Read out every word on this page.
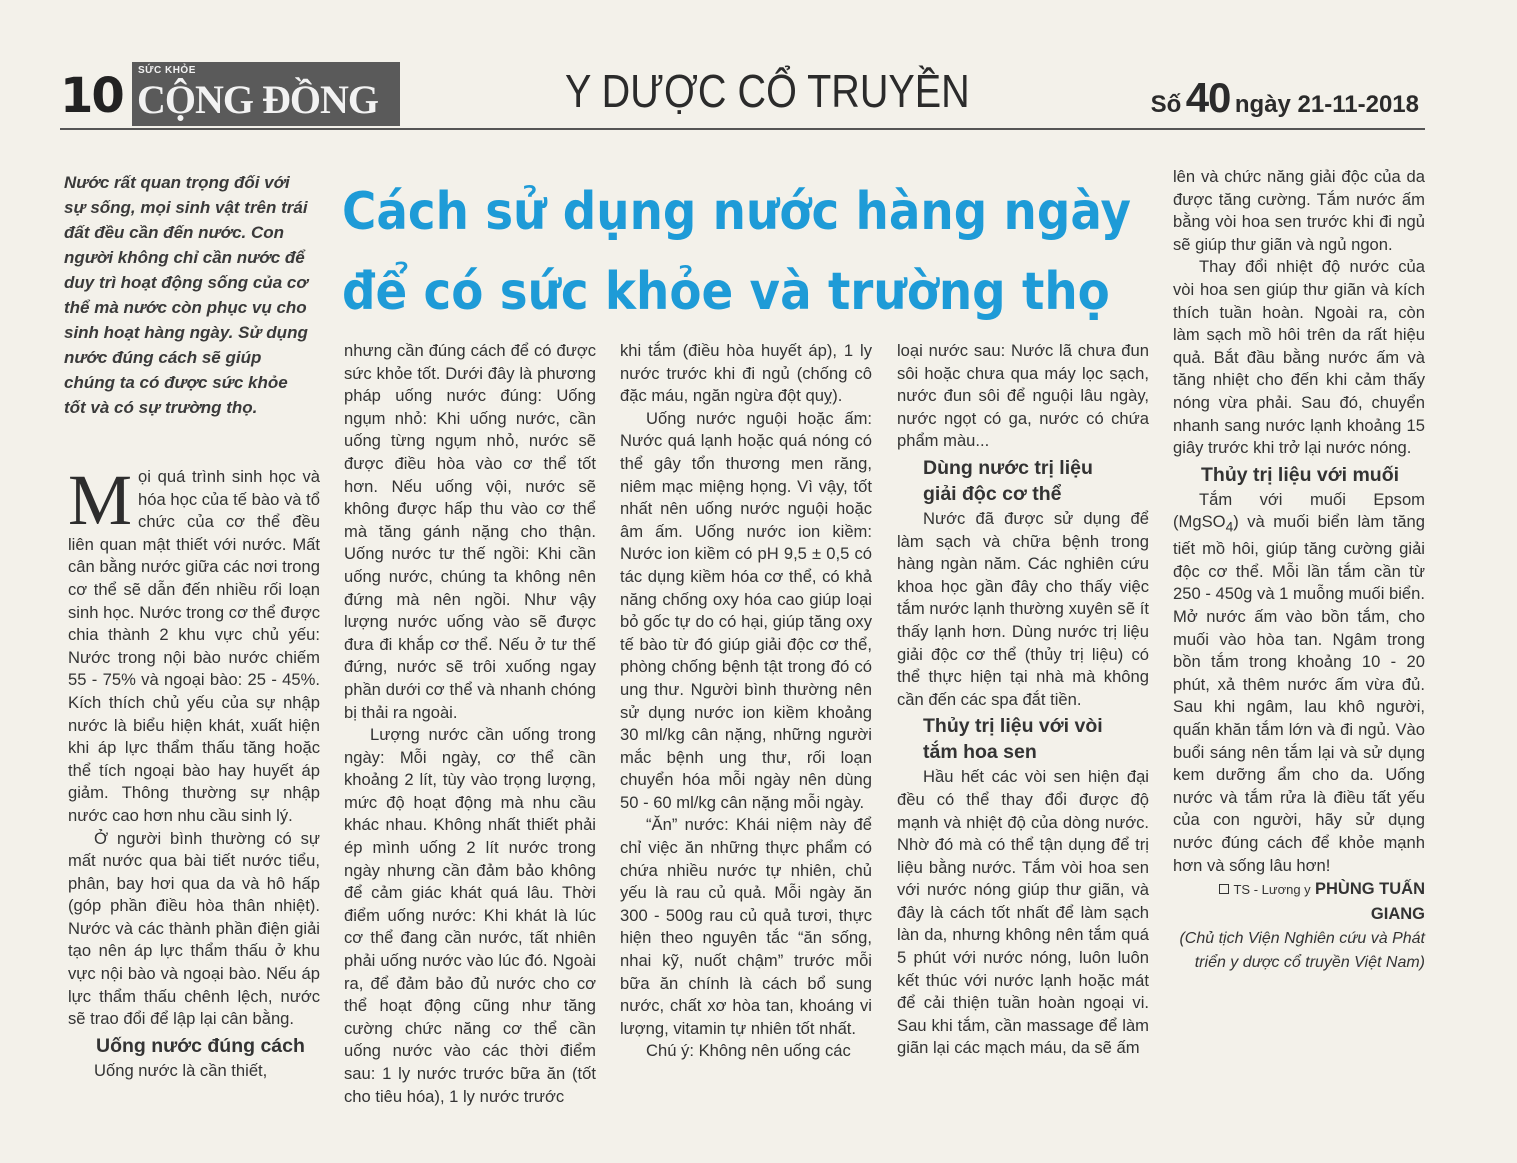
10 SỨC KHỎE
CỘNG ĐỒNG	Y DƯỢC CỔ TRUYỀN	Số 40 ngày 21-11-2018
Cách sử dụng nước hàng ngày
để có sức khỏe và trường thọ
Nước rất quan trọng đối với sự sống, mọi sinh vật trên trái đất đều cần đến nước. Con người không chỉ cần nước để duy trì hoạt động sống của cơ thể mà nước còn phục vụ cho sinh hoạt hàng ngày. Sử dụng nước đúng cách sẽ giúp chúng ta có được sức khỏe tốt và có sự trường thọ.
Mọi quá trình sinh học và hóa học của tế bào và tổ chức của cơ thể đều liên quan mật thiết với nước. Mất cân bằng nước giữa các nơi trong cơ thể sẽ dẫn đến nhiều rối loạn sinh học. Nước trong cơ thể được chia thành 2 khu vực chủ yếu: Nước trong nội bào nước chiếm 55 - 75% và ngoại bào: 25 - 45%. Kích thích chủ yếu của sự nhập nước là biểu hiện khát, xuất hiện khi áp lực thẩm thấu tăng hoặc thể tích ngoại bào hay huyết áp giảm. Thông thường sự nhập nước cao hơn nhu cầu sinh lý.
Ở người bình thường có sự mất nước qua bài tiết nước tiểu, phân, bay hơi qua da và hô hấp (góp phần điều hòa thân nhiệt). Nước và các thành phần điện giải tạo nên áp lực thẩm thấu ở khu vực nội bào và ngoại bào. Nếu áp lực thẩm thấu chênh lệch, nước sẽ trao đổi để lập lại cân bằng.
Uống nước đúng cách
Uống nước là cần thiết,
nhưng cần đúng cách để có được sức khỏe tốt. Dưới đây là phương pháp uống nước đúng: Uống ngụm nhỏ: Khi uống nước, cần uống từng ngụm nhỏ, nước sẽ được điều hòa vào cơ thể tốt hơn. Nếu uống vội, nước sẽ không được hấp thu vào cơ thể mà tăng gánh nặng cho thận. Uống nước tư thế ngồi: Khi cần uống nước, chúng ta không nên đứng mà nên ngồi. Như vậy lượng nước uống vào sẽ được đưa đi khắp cơ thể. Nếu ở tư thế đứng, nước sẽ trôi xuống ngay phần dưới cơ thể và nhanh chóng bị thải ra ngoài.
Lượng nước cần uống trong ngày: Mỗi ngày, cơ thể cần khoảng 2 lít, tùy vào trọng lượng, mức độ hoạt động mà nhu cầu khác nhau. Không nhất thiết phải ép mình uống 2 lít nước trong ngày nhưng cần đảm bảo không để cảm giác khát quá lâu. Thời điểm uống nước: Khi khát là lúc cơ thể đang cần nước, tất nhiên phải uống nước vào lúc đó. Ngoài ra, để đảm bảo đủ nước cho cơ thể hoạt động cũng như tăng cường chức năng cơ thể cần uống nước vào các thời điểm sau: 1 ly nước trước bữa ăn (tốt cho tiêu hóa), 1 ly nước trước
khi tắm (điều hòa huyết áp), 1 ly nước trước khi đi ngủ (chống cô đặc máu, ngăn ngừa đột quỵ).
Uống nước nguội hoặc ấm: Nước quá lạnh hoặc quá nóng có thể gây tổn thương men răng, niêm mạc miệng họng. Vì vậy, tốt nhất nên uống nước nguội hoặc âm ấm. Uống nước ion kiềm: Nước ion kiềm có pH 9,5 ± 0,5 có tác dụng kiềm hóa cơ thể, có khả năng chống oxy hóa cao giúp loại bỏ gốc tự do có hại, giúp tăng oxy tế bào từ đó giúp giải độc cơ thể, phòng chống bệnh tật trong đó có ung thư. Người bình thường nên sử dụng nước ion kiềm khoảng 30 ml/kg cân nặng, những người mắc bệnh ung thư, rối loạn chuyển hóa mỗi ngày nên dùng 50 - 60 ml/kg cân nặng mỗi ngày.
“Ăn” nước: Khái niệm này để chỉ việc ăn những thực phẩm có chứa nhiều nước tự nhiên, chủ yếu là rau củ quả. Mỗi ngày ăn 300 - 500g rau củ quả tươi, thực hiện theo nguyên tắc “ăn sống, nhai kỹ, nuốt chậm” trước mỗi bữa ăn chính là cách bổ sung nước, chất xơ hòa tan, khoáng vi lượng, vitamin tự nhiên tốt nhất.
Chú ý: Không nên uống các
loại nước sau: Nước lã chưa đun sôi hoặc chưa qua máy lọc sạch, nước đun sôi để nguội lâu ngày, nước ngọt có ga, nước có chứa phẩm màu...
Dùng nước trị liệu giải độc cơ thể
Nước đã được sử dụng để làm sạch và chữa bệnh trong hàng ngàn năm. Các nghiên cứu khoa học gần đây cho thấy việc tắm nước lạnh thường xuyên sẽ ít thấy lạnh hơn. Dùng nước trị liệu giải độc cơ thể (thủy trị liệu) có thể thực hiện tại nhà mà không cần đến các spa đắt tiền.
Thủy trị liệu với vòi tắm hoa sen
Hầu hết các vòi sen hiện đại đều có thể thay đổi được độ mạnh và nhiệt độ của dòng nước. Nhờ đó mà có thể tận dụng để trị liệu bằng nước. Tắm vòi hoa sen với nước nóng giúp thư giãn, và đây là cách tốt nhất để làm sạch làn da, nhưng không nên tắm quá 5 phút với nước nóng, luôn luôn kết thúc với nước lạnh hoặc mát để cải thiện tuần hoàn ngoại vi. Sau khi tắm, cần massage để làm giãn lại các mạch máu, da sẽ ấm
lên và chức năng giải độc của da được tăng cường. Tắm nước ấm bằng vòi hoa sen trước khi đi ngủ sẽ giúp thư giãn và ngủ ngon.
Thay đổi nhiệt độ nước của vòi hoa sen giúp thư giãn và kích thích tuần hoàn. Ngoài ra, còn làm sạch mồ hôi trên da rất hiệu quả. Bắt đầu bằng nước ấm và tăng nhiệt cho đến khi cảm thấy nóng vừa phải. Sau đó, chuyển nhanh sang nước lạnh khoảng 15 giây trước khi trở lại nước nóng.
Thủy trị liệu với muối
Tắm với muối Epsom (MgSO$_4$) và muối biển làm tăng tiết mồ hôi, giúp tăng cường giải độc cơ thể. Mỗi lần tắm cần từ 250 - 450g và 1 muỗng muối biển. Mở nước ấm vào bồn tắm, cho muối vào hòa tan. Ngâm trong bồn tắm trong khoảng 10 - 20 phút, xả thêm nước ấm vừa đủ. Sau khi ngâm, lau khô người, quấn khăn tắm lớn và đi ngủ. Vào buổi sáng nên tắm lại và sử dụng kem dưỡng ẩm cho da. Uống nước và tắm rửa là điều tất yếu của con người, hãy sử dụng nước đúng cách để khỏe mạnh hơn và sống lâu hơn!
TS - Lương y PHÙNG TUẤN GIANG
(Chủ tịch Viện Nghiên cứu và Phát triển y dược cổ truyền Việt Nam)
